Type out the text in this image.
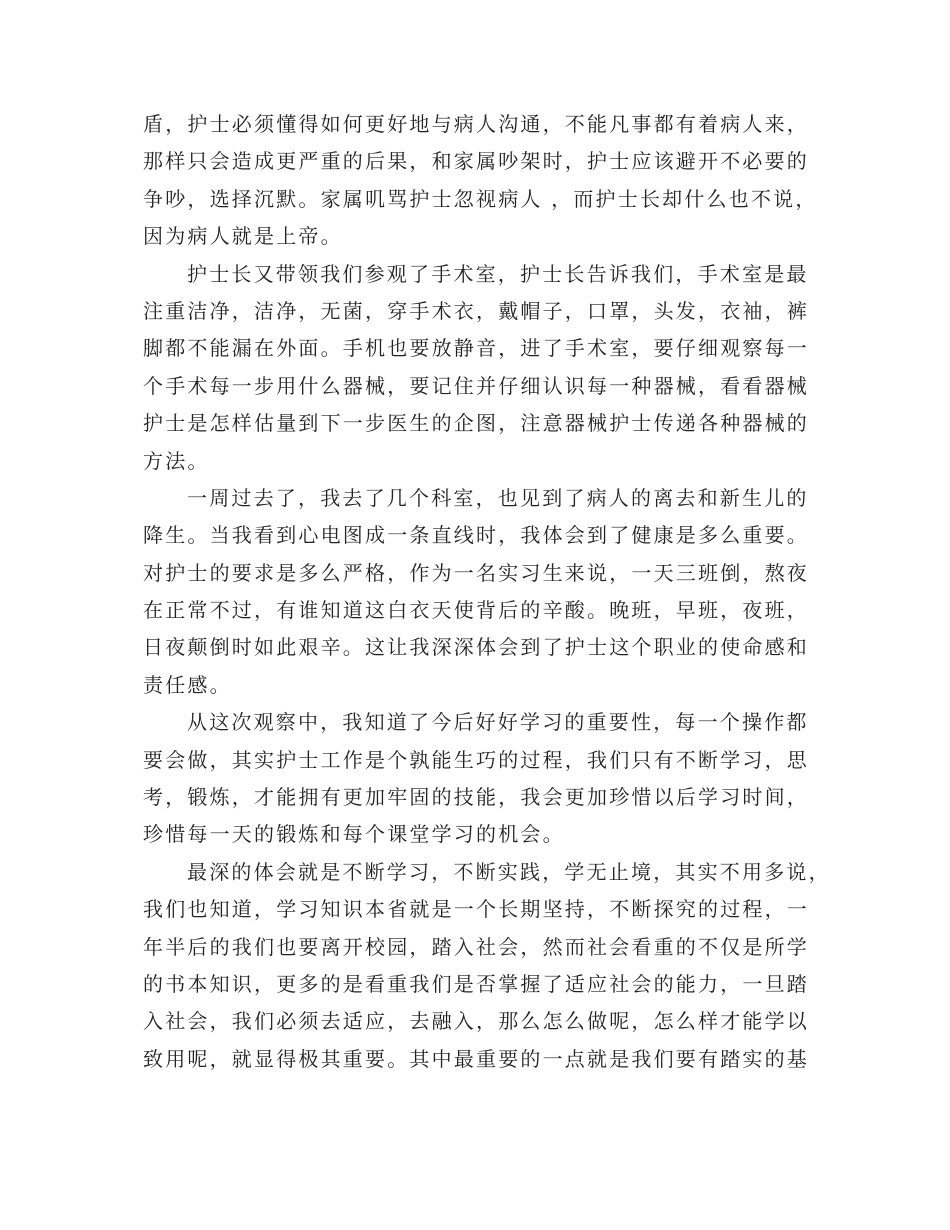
盾，护士必须懂得如何更好地与病人沟通，不能凡事都有着病人来，
那样只会造成更严重的后果，和家属吵架时，护士应该避开不必要的
争吵，选择沉默。家属叽骂护士忽视病人 ，而护士长却什么也不说，
因为病人就是上帝。
护士长又带领我们参观了手术室，护士长告诉我们，手术室是最
注重洁净，洁净，无菌，穿手术衣，戴帽子，口罩，头发，衣袖，裤
脚都不能漏在外面。手机也要放静音，进了手术室，要仔细观察每一
个手术每一步用什么器械，要记住并仔细认识每一种器械，看看器械
护士是怎样估量到下一步医生的企图，注意器械护士传递各种器械的
方法。
一周过去了，我去了几个科室，也见到了病人的离去和新生儿的
降生。当我看到心电图成一条直线时，我体会到了健康是多么重要。
对护士的要求是多么严格，作为一名实习生来说，一天三班倒，熬夜
在正常不过，有谁知道这白衣天使背后的辛酸。晚班，早班，夜班，
日夜颠倒时如此艰辛。这让我深深体会到了护士这个职业的使命感和
责任感。
从这次观察中，我知道了今后好好学习的重要性，每一个操作都
要会做，其实护士工作是个孰能生巧的过程，我们只有不断学习，思
考，锻炼，才能拥有更加牢固的技能，我会更加珍惜以后学习时间，
珍惜每一天的锻炼和每个课堂学习的机会。
最深的体会就是不断学习，不断实践，学无止境，其实不用多说，
我们也知道，学习知识本省就是一个长期坚持，不断探究的过程，一
年半后的我们也要离开校园，踏入社会，然而社会看重的不仅是所学
的书本知识，更多的是看重我们是否掌握了适应社会的能力，一旦踏
入社会，我们必须去适应，去融入，那么怎么做呢，怎么样才能学以
致用呢，就显得极其重要。其中最重要的一点就是我们要有踏实的基
